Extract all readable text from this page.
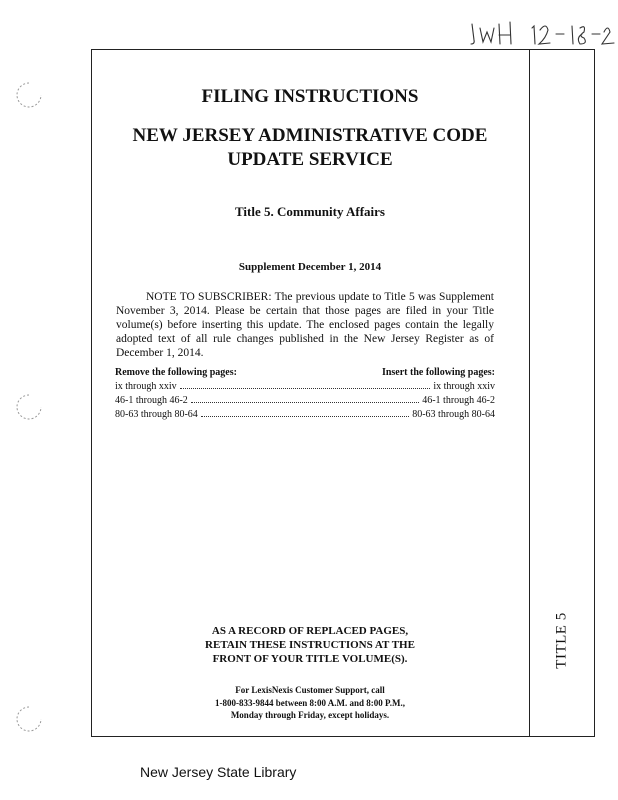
TITLE 5
FILING INSTRUCTIONS
NEW JERSEY ADMINISTRATIVE CODE
UPDATE SERVICE
Title 5. Community Affairs
Supplement December 1, 2014
NOTE TO SUBSCRIBER: The previous update to Title 5 was Supplement November 3, 2014. Please be certain that those pages are filed in your Title volume(s) before inserting this update. The enclosed pages contain the legally adopted text of all rule changes published in the New Jersey Register as of December 1, 2014.
Remove the following pages:	Insert the following pages:
ix through xxiv	ix through xxiv
46-1 through 46-2	46-1 through 46-2
80-63 through 80-64	80-63 through 80-64
AS A RECORD OF REPLACED PAGES,
RETAIN THESE INSTRUCTIONS AT THE
FRONT OF YOUR TITLE VOLUME(S).
For LexisNexis Customer Support, call
1-800-833-9844 between 8:00 A.M. and 8:00 P.M.,
Monday through Friday, except holidays.
New Jersey State Library
